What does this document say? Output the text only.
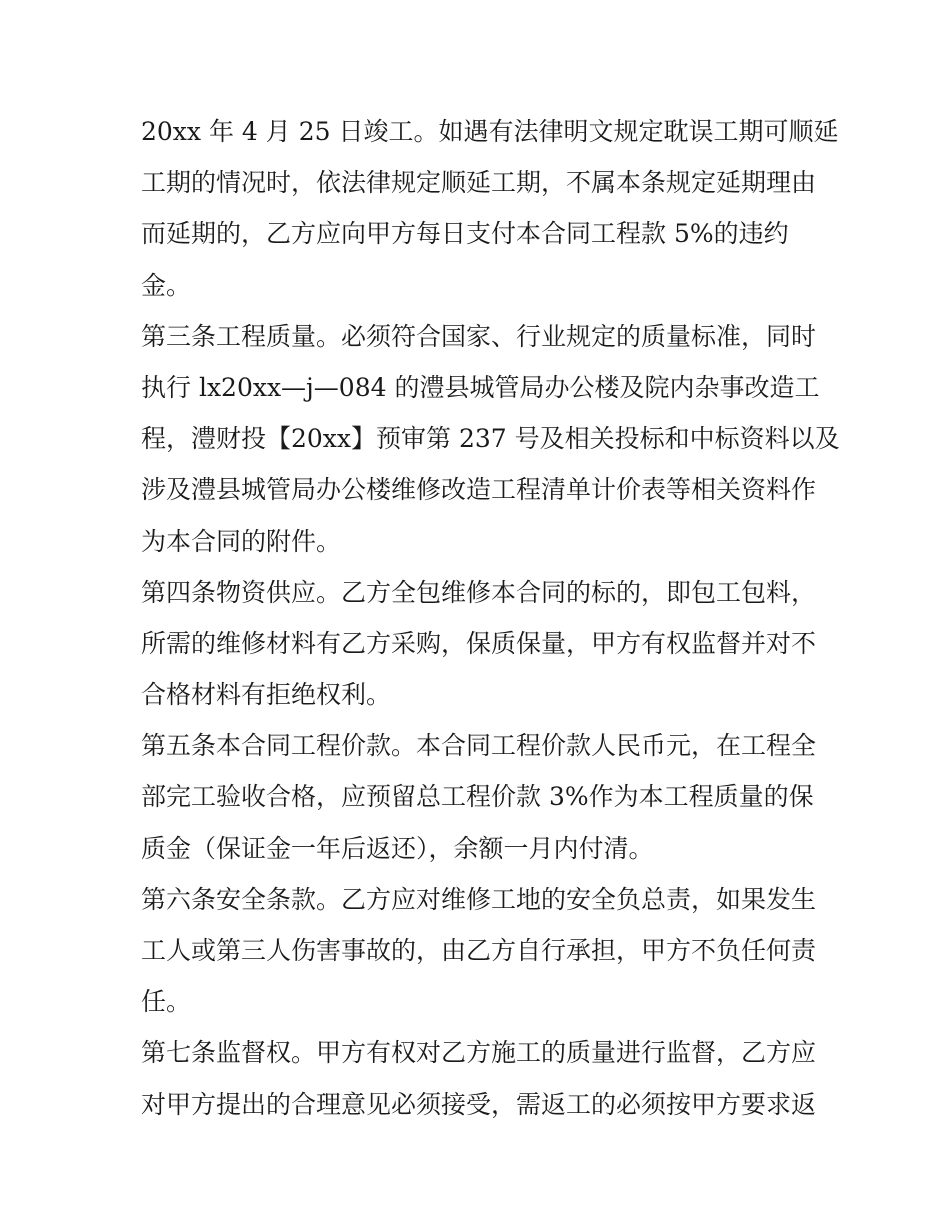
20xx 年 4 月 25 日竣工。如遇有法律明文规定耽误工期可顺延
工期的情况时，依法律规定顺延工期，不属本条规定延期理由
而延期的，乙方应向甲方每日支付本合同工程款 5%的违约
金。
第三条工程质量。必须符合国家、行业规定的质量标准，同时
执行 lx20xx—j—084 的澧县城管局办公楼及院内杂事改造工
程，澧财投【20xx】预审第 237 号及相关投标和中标资料以及
涉及澧县城管局办公楼维修改造工程清单计价表等相关资料作
为本合同的附件。
第四条物资供应。乙方全包维修本合同的标的，即包工包料，
所需的维修材料有乙方采购，保质保量，甲方有权监督并对不
合格材料有拒绝权利。
第五条本合同工程价款。本合同工程价款人民币元，在工程全
部完工验收合格，应预留总工程价款 3%作为本工程质量的保
质金（保证金一年后返还），余额一月内付清。
第六条安全条款。乙方应对维修工地的安全负总责，如果发生
工人或第三人伤害事故的，由乙方自行承担，甲方不负任何责
任。
第七条监督权。甲方有权对乙方施工的质量进行监督，乙方应
对甲方提出的合理意见必须接受，需返工的必须按甲方要求返
